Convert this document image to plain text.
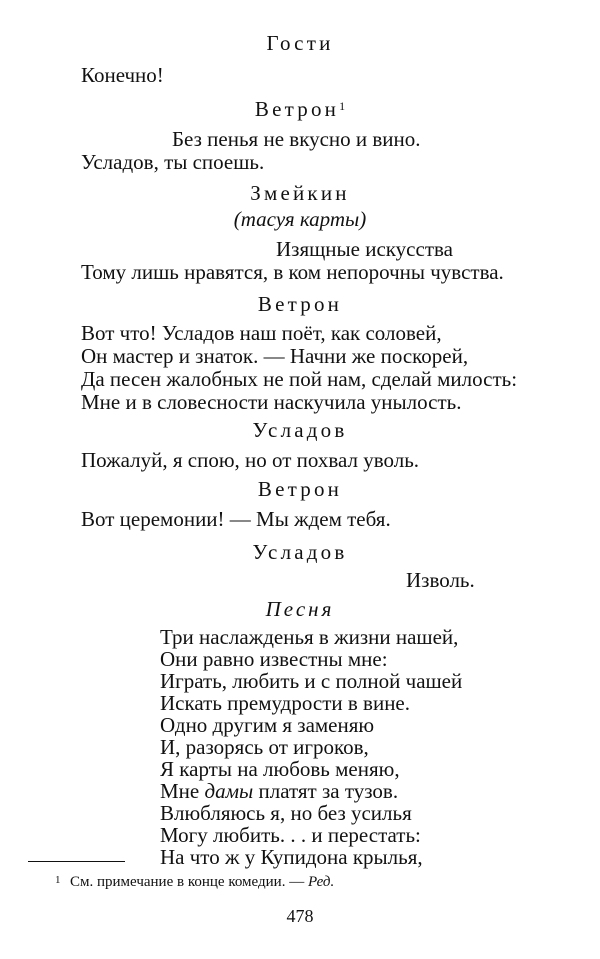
Гости
Конечно!
Ветрон$^1$
Без пенья не вкусно и вино.
Усладов, ты споешь.
Змейкин
(тасуя карты)
Изящные искусства
Тому лишь нравятся, в ком непорочны чувства.
Ветрон
Вот что! Усладов наш поёт, как соловей,
Он мастер и знаток. — Начни же поскорей,
Да песен жалобных не пой нам, сделай милость:
Мне и в словесности наскучила унылость.
Усладов
Пожалуй, я спою, но от похвал уволь.
Ветрон
Вот церемонии! — Мы ждем тебя.
Усладов
Изволь.
Песня
Три наслажденья в жизни нашей,
Они равно известны мне:
Играть, любить и с полной чашей
Искать премудрости в вине.
Одно другим я заменяю
И, разорясь от игроков,
Я карты на любовь меняю,
Мне дамы платят за тузов.
Влюбляюсь я, но без усилья
Могу любить. . . и перестать:
На что ж у Купидона крылья,
1 См. примечание в конце комедии. — Ред.
478
